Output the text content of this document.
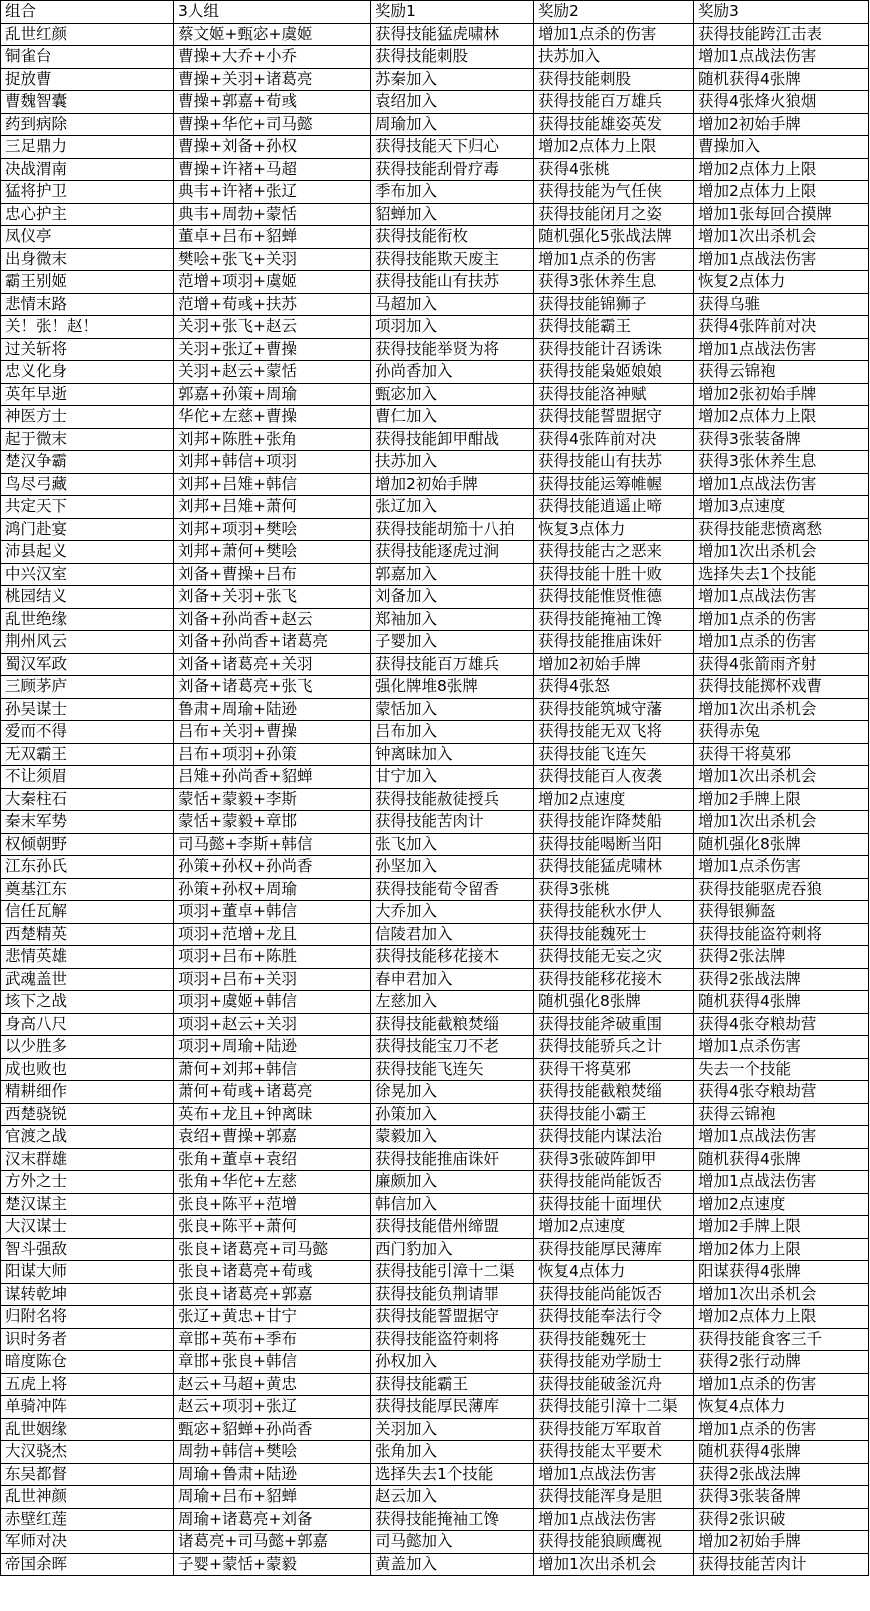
组合	3人组	奖励1	奖励2	奖励3
乱世红颜	蔡文姬+甄宓+虞姬	获得技能猛虎啸林	增加1点杀的伤害	获得技能跨江击表
铜雀台	曹操+大乔+小乔	获得技能刺股	扶苏加入	增加1点战法伤害
捉放曹	曹操+关羽+诸葛亮	苏秦加入	获得技能刺股	随机获得4张牌
曹魏智囊	曹操+郭嘉+荀彧	袁绍加入	获得技能百万雄兵	获得4张烽火狼烟
药到病除	曹操+华佗+司马懿	周瑜加入	获得技能雄姿英发	增加2初始手牌
三足鼎力	曹操+刘备+孙权	获得技能天下归心	增加2点体力上限	曹操加入
决战渭南	曹操+许褚+马超	获得技能刮骨疗毒	获得4张桃	增加2点体力上限
猛将护卫	典韦+许褚+张辽	季布加入	获得技能为气任侠	增加2点体力上限
忠心护主	典韦+周勃+蒙恬	貂蝉加入	获得技能闭月之姿	增加1张每回合摸牌
凤仪亭	董卓+吕布+貂蝉	获得技能衔枚	随机强化5张战法牌	增加1次出杀机会
出身微末	樊哙+张飞+关羽	获得技能欺天废主	增加1点杀的伤害	增加1点战法伤害
霸王别姬	范增+项羽+虞姬	获得技能山有扶苏	获得3张休养生息	恢复2点体力
悲情末路	范增+荀彧+扶苏	马超加入	获得技能锦狮子	获得乌骓
关！张！赵！	关羽+张飞+赵云	项羽加入	获得技能霸王	获得4张阵前对决
过关斩将	关羽+张辽+曹操	获得技能举贤为将	获得技能计召诱诛	增加1点战法伤害
忠义化身	关羽+赵云+蒙恬	孙尚香加入	获得技能枭姬娘娘	获得云锦袍
英年早逝	郭嘉+孙策+周瑜	甄宓加入	获得技能洛神赋	增加2张初始手牌
神医方士	华佗+左慈+曹操	曹仁加入	获得技能誓盟据守	增加2点体力上限
起于微末	刘邦+陈胜+张角	获得技能卸甲酣战	获得4张阵前对决	获得3张装备牌
楚汉争霸	刘邦+韩信+项羽	扶苏加入	获得技能山有扶苏	获得3张休养生息
鸟尽弓藏	刘邦+吕雉+韩信	增加2初始手牌	获得技能运筹帷幄	增加1点战法伤害
共定天下	刘邦+吕雉+萧何	张辽加入	获得技能逍遥止啼	增加3点速度
鸿门赴宴	刘邦+项羽+樊哙	获得技能胡笳十八拍	恢复3点体力	获得技能悲愤离愁
沛县起义	刘邦+萧何+樊哙	获得技能逐虎过涧	获得技能古之恶来	增加1次出杀机会
中兴汉室	刘备+曹操+吕布	郭嘉加入	获得技能十胜十败	选择失去1个技能
桃园结义	刘备+关羽+张飞	刘备加入	获得技能惟贤惟德	增加1点战法伤害
乱世绝缘	刘备+孙尚香+赵云	郑袖加入	获得技能掩袖工馋	增加1点杀的伤害
荆州风云	刘备+孙尚香+诸葛亮	子婴加入	获得技能推庙诛奸	增加1点杀的伤害
蜀汉军政	刘备+诸葛亮+关羽	获得技能百万雄兵	增加2初始手牌	获得4张箭雨齐射
三顾茅庐	刘备+诸葛亮+张飞	强化牌堆8张牌	获得4张怒	获得技能掷杯戏曹
孙吴谋士	鲁肃+周瑜+陆逊	蒙恬加入	获得技能筑城守藩	增加1次出杀机会
爱而不得	吕布+关羽+曹操	吕布加入	获得技能无双飞将	获得赤兔
无双霸王	吕布+项羽+孙策	钟离昧加入	获得技能飞连矢	获得干将莫邪
不让须眉	吕雉+孙尚香+貂蝉	甘宁加入	获得技能百人夜袭	增加1次出杀机会
大秦柱石	蒙恬+蒙毅+李斯	获得技能赦徒授兵	增加2点速度	增加2手牌上限
秦末军势	蒙恬+蒙毅+章邯	获得技能苦肉计	获得技能诈降焚船	增加1次出杀机会
权倾朝野	司马懿+李斯+韩信	张飞加入	获得技能喝断当阳	随机强化8张牌
江东孙氏	孙策+孙权+孙尚香	孙坚加入	获得技能猛虎啸林	增加1点杀伤害
奠基江东	孙策+孙权+周瑜	获得技能荀令留香	获得3张桃	获得技能驱虎吞狼
信任瓦解	项羽+董卓+韩信	大乔加入	获得技能秋水伊人	获得银狮盔
西楚精英	项羽+范增+龙且	信陵君加入	获得技能魏死士	获得技能盗符刺将
悲情英雄	项羽+吕布+陈胜	获得技能移花接木	获得技能无妄之灾	获得2张法牌
武魂盖世	项羽+吕布+关羽	春申君加入	获得技能移花接木	获得2张战法牌
垓下之战	项羽+虞姬+韩信	左慈加入	随机强化8张牌	随机获得4张牌
身高八尺	项羽+赵云+关羽	获得技能截粮焚缁	获得技能斧破重围	获得4张夺粮劫营
以少胜多	项羽+周瑜+陆逊	获得技能宝刀不老	获得技能骄兵之计	增加1点杀伤害
成也败也	萧何+刘邦+韩信	获得技能飞连矢	获得干将莫邪	失去一个技能
精耕细作	萧何+荀彧+诸葛亮	徐晃加入	获得技能截粮焚缁	获得4张夺粮劫营
西楚骁锐	英布+龙且+钟离昧	孙策加入	获得技能小霸王	获得云锦袍
官渡之战	袁绍+曹操+郭嘉	蒙毅加入	获得技能内谋法治	增加1点战法伤害
汉末群雄	张角+董卓+袁绍	获得技能推庙诛奸	获得3张破阵卸甲	随机获得4张牌
方外之士	张角+华佗+左慈	廉颇加入	获得技能尚能饭否	增加1点战法伤害
楚汉谋主	张良+陈平+范增	韩信加入	获得技能十面埋伏	增加2点速度
大汉谋士	张良+陈平+萧何	获得技能借州缔盟	增加2点速度	增加2手牌上限
智斗强敌	张良+诸葛亮+司马懿	西门豹加入	获得技能厚民薄库	增加2体力上限
阳谋大师	张良+诸葛亮+荀彧	获得技能引漳十二渠	恢复4点体力	阳谋获得4张牌
谋转乾坤	张良+诸葛亮+郭嘉	获得技能负荆请罪	获得技能尚能饭否	增加1次出杀机会
归附名将	张辽+黄忠+甘宁	获得技能誓盟据守	获得技能奉法行令	增加2点体力上限
识时务者	章邯+英布+季布	获得技能盗符刺将	获得技能魏死士	获得技能食客三千
暗度陈仓	章邯+张良+韩信	孙权加入	获得技能劝学励士	获得2张行动牌
五虎上将	赵云+马超+黄忠	获得技能霸王	获得技能破釜沉舟	增加1点杀的伤害
单骑冲阵	赵云+项羽+张辽	获得技能厚民薄库	获得技能引漳十二渠	恢复4点体力
乱世姻缘	甄宓+貂蝉+孙尚香	关羽加入	获得技能万军取首	增加1点杀的伤害
大汉骁杰	周勃+韩信+樊哙	张角加入	获得技能太平要术	随机获得4张牌
东吴都督	周瑜+鲁肃+陆逊	选择失去1个技能	增加1点战法伤害	获得2张战法牌
乱世神颜	周瑜+吕布+貂蝉	赵云加入	获得技能浑身是胆	获得3张装备牌
赤壁红莲	周瑜+诸葛亮+刘备	获得技能掩袖工馋	增加1点战法伤害	获得2张识破
军师对决	诸葛亮+司马懿+郭嘉	司马懿加入	获得技能狼顾鹰视	增加2初始手牌
帝国余晖	子婴+蒙恬+蒙毅	黄盖加入	增加1次出杀机会	获得技能苦肉计
